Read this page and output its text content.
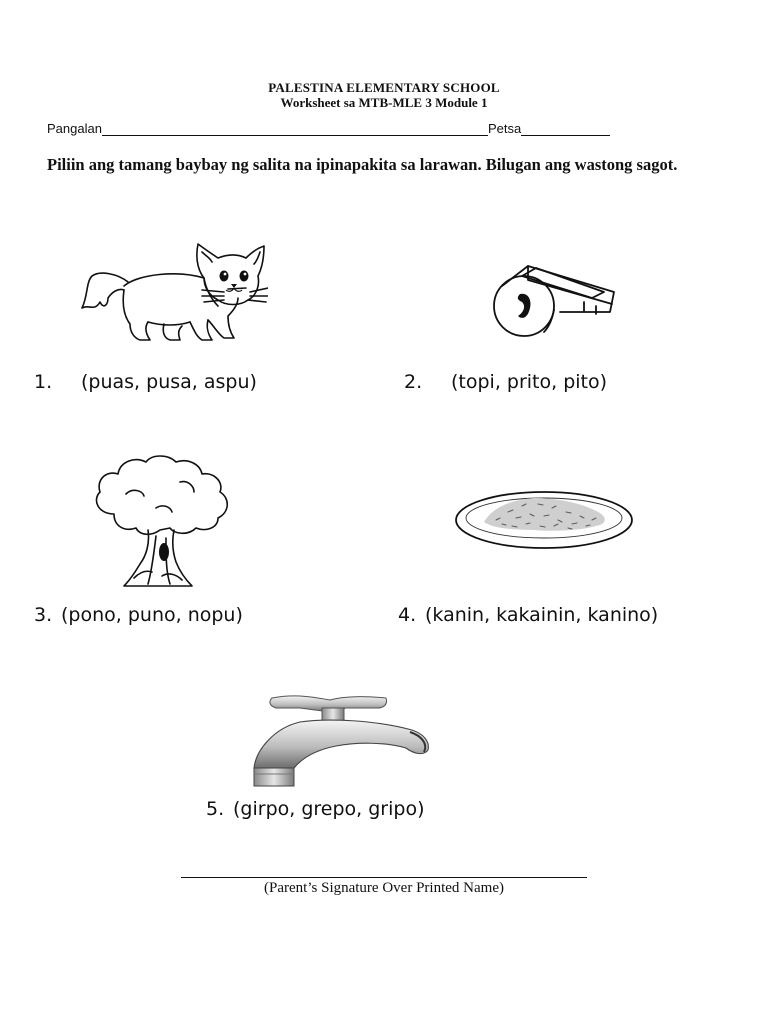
PALESTINA ELEMENTARY SCHOOL
Worksheet sa MTB-MLE 3 Module 1
Pangalan	Petsa
Piliin ang tamang baybay ng salita na ipinapakita sa larawan. Bilugan ang wastong sagot.
1. (puas, pusa, aspu)	2. (topi, prito, pito)
3. (pono, puno, nopu)	4. (kanin, kakainin, kanino)
5. (girpo, grepo, gripo)
(Parent’s Signature Over Printed Name)
